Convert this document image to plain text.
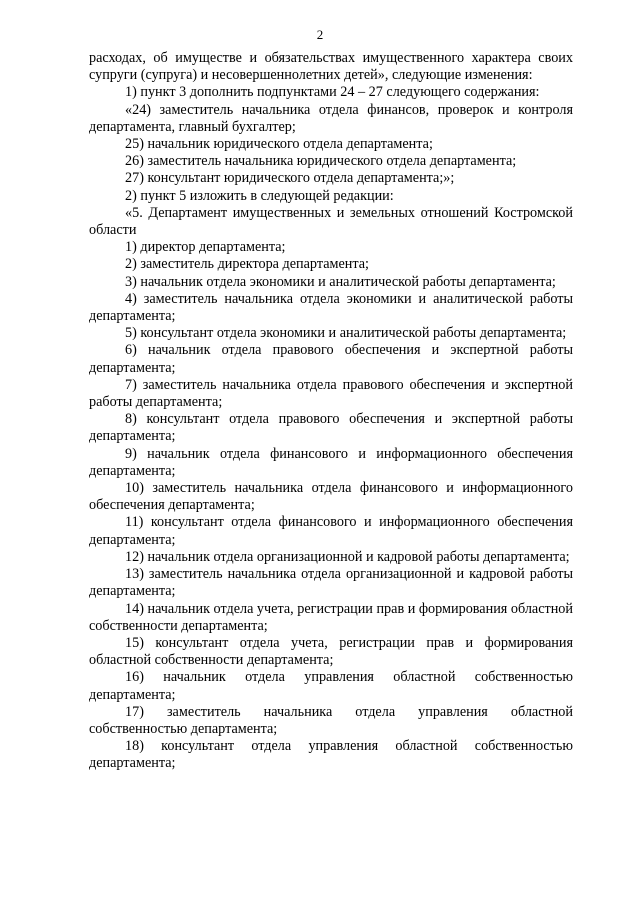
2
расходах, об имуществе и обязательствах имущественного характера своих
супруги (супруга) и несовершеннолетних детей», следующие изменения:

1) пункт 3 дополнить подпунктами 24 – 27 следующего содержания:

«24) заместитель начальника отдела финансов, проверок и контроля департамента, главный бухгалтер;

25) начальник юридического отдела департамента;

26) заместитель начальника юридического отдела департамента;

27) консультант юридического отдела департамента;»;

2) пункт 5 изложить в следующей редакции:

«5. Департамент имущественных и земельных отношений Костромской области

1) директор департамента;

2) заместитель директора департамента;

3) начальник отдела экономики и аналитической работы департамента;

4) заместитель начальника отдела экономики и аналитической работы департамента;

5) консультант отдела экономики и аналитической работы департамента;

6) начальник отдела правового обеспечения и экспертной работы департамента;

7) заместитель начальника отдела правового обеспечения и экспертной работы департамента;

8) консультант отдела правового обеспечения и экспертной работы департамента;

9) начальник отдела финансового и информационного обеспечения департамента;

10) заместитель начальника отдела финансового и информационного обеспечения департамента;

11) консультант отдела финансового и информационного обеспечения департамента;

12) начальник отдела организационной и кадровой работы департамента;

13) заместитель начальника отдела организационной и кадровой работы департамента;

14) начальник отдела учета, регистрации прав и формирования областной собственности департамента;

15) консультант отдела учета, регистрации прав и формирования областной собственности департамента;

16) начальник отдела управления областной собственностью департамента;

17) заместитель начальника отдела управления областной собственностью департамента;

18) консультант отдела управления областной собственностью департамента;
